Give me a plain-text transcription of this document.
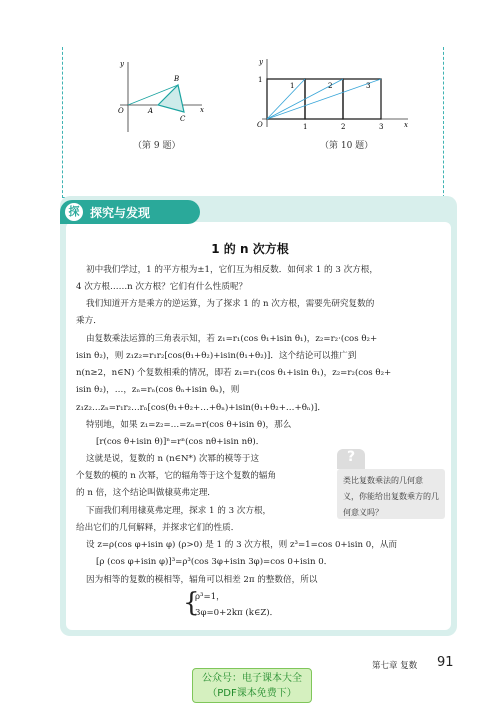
y
x
O	A
B
C
（第 9 题）
y
x
O
1
1	2	3
1	2	3
（第 10 题）
探 探究与发现
1 的 n 次方根
初中我们学过，1 的平方根为±1，它们互为相反数．如何求 1 的 3 次方根，
4 次方根……n 次方根？它们有什么性质呢？
我们知道开方是乘方的逆运算，为了探求 1 的 n 次方根，需要先研究复数的
乘方．
由复数乘法运算的三角表示知，若 z₁=r₁(cos θ₁+isin θ₁)，z₂=r₂·(cos θ₂+
isin θ₂)，则 z₁z₂=r₁r₂[cos(θ₁+θ₂)+isin(θ₁+θ₂)]．这个结论可以推广到
n(n≥2，n∈N) 个复数相乘的情况，即若 z₁=r₁(cos θ₁+isin θ₁)，z₂=r₂(cos θ₂+
isin θ₂)，…，zₙ=rₙ(cos θₙ+isin θₙ)，则
z₁z₂…zₙ=r₁r₂…rₙ[cos(θ₁+θ₂+…+θₙ)+isin(θ₁+θ₂+…+θₙ)]．
特别地，如果 z₁=z₂=…=zₙ=r(cos θ+isin θ)，那么
[r(cos θ+isin θ)]ⁿ=rⁿ(cos nθ+isin nθ)．
这就是说，复数的 n (n∈N*) 次幂的模等于这
个复数的模的 n 次幂，它的辐角等于这个复数的辐角
的 n 倍，这个结论叫做棣莫弗定理．
下面我们利用棣莫弗定理，探求 1 的 3 次方根，
给出它们的几何解释，并探求它们的性质．
设 z=ρ(cos φ+isin φ) (ρ>0) 是 1 的 3 次方根，则 z³=1=cos 0+isin 0，从而
[ρ (cos φ+isin φ)]³=ρ³(cos 3φ+isin 3φ)=cos 0+isin 0．
因为相等的复数的模相等，辐角可以相差 2π 的整数倍，所以
{
ρ³=1，
3φ=0+2kπ (k∈Z)．
?
类比复数乘法的几何意
义，你能给出复数乘方的几
何意义吗？
第七章 复数 91
公众号：电子课本大全
（PDF课本免费下）
